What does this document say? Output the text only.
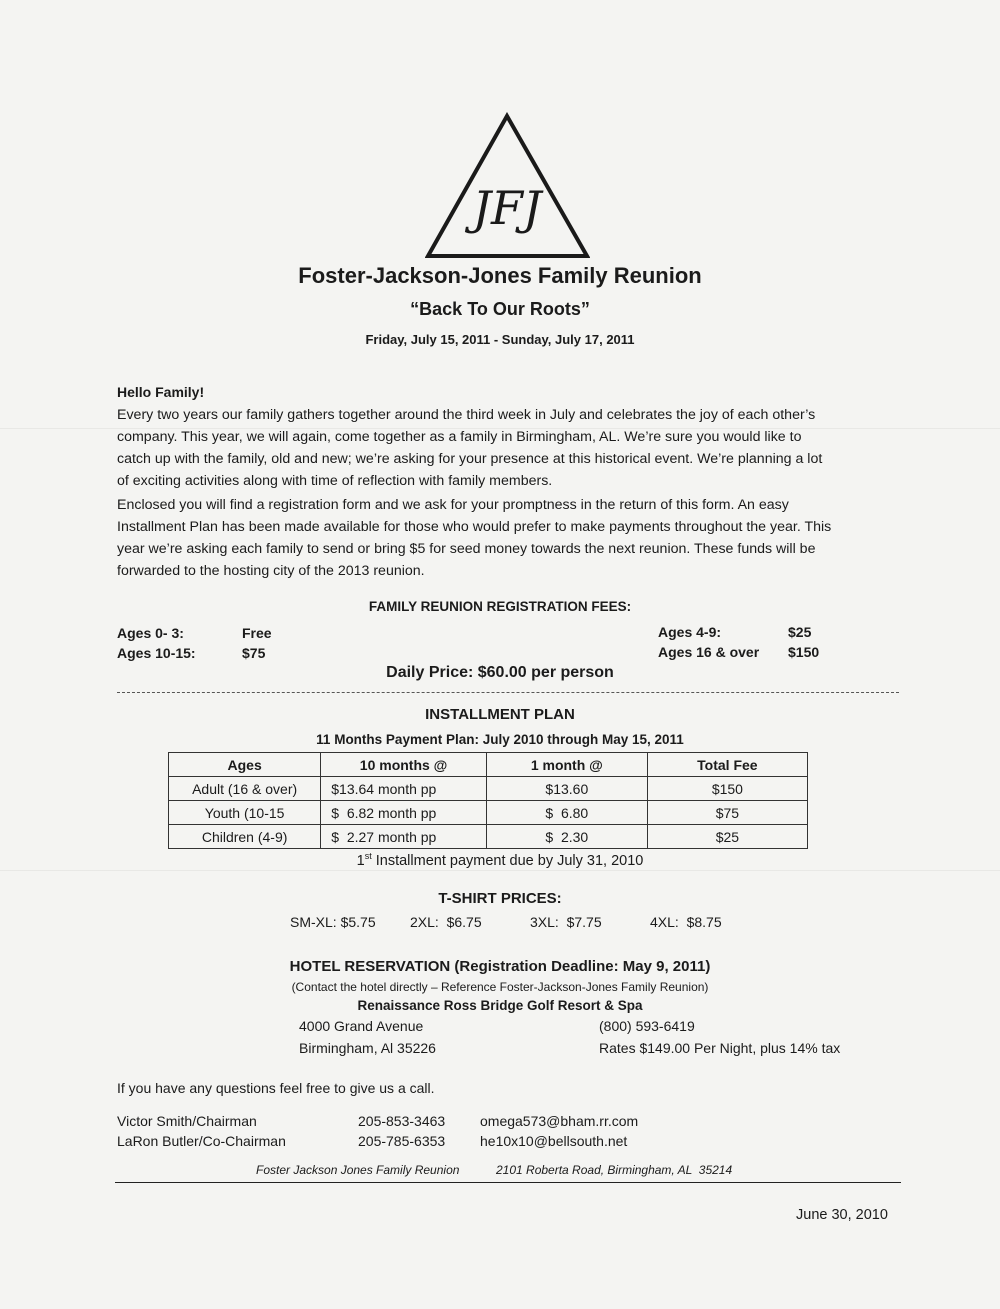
JFJ
Foster-Jackson-Jones Family Reunion
“Back To Our Roots”
Friday, July 15, 2011 - Sunday, July 17, 2011
Hello Family!
Every two years our family gathers together around the third week in July and celebrates the joy of each other’s
company. This year, we will again, come together as a family in Birmingham, AL. We’re sure you would like to
catch up with the family, old and new; we’re asking for your presence at this historical event. We’re planning a lot
of exciting activities along with time of reflection with family members.
Enclosed you will find a registration form and we ask for your promptness in the return of this form. An easy
Installment Plan has been made available for those who would prefer to make payments throughout the year. This
year we’re asking each family to send or bring $5 for seed money towards the next reunion. These funds will be
forwarded to the hosting city of the 2013 reunion.
FAMILY REUNION REGISTRATION FEES:
Ages 0- 3:	Free
Ages 10-15:	$75
Ages 4-9:	$25
Ages 16 & over $150
Daily Price: $60.00 per person
INSTALLMENT PLAN
11 Months Payment Plan: July 2010 through May 15, 2011
Ages	10 months @	1 month @	Total Fee
Adult (16 & over)	$13.64 month pp	$13.60	$150
Youth (10-15	$  6.82 month pp	$  6.80	$75
Children (4-9)	$  2.27 month pp	$  2.30	$25
1st Installment payment due by July 31, 2010
T-SHIRT PRICES:
SM-XL: $5.75 2XL:  $6.75	3XL:  $7.75	4XL:  $8.75
HOTEL RESERVATION (Registration Deadline: May 9, 2011)
(Contact the hotel directly – Reference Foster-Jackson-Jones Family Reunion)
Renaissance Ross Bridge Golf Resort & Spa
4000 Grand Avenue
Birmingham, Al 35226
(800) 593-6419
Rates $149.00 Per Night, plus 14% tax
If you have any questions feel free to give us a call.
Victor Smith/Chairman	205-853-3463 omega573@bham.rr.com
LaRon Butler/Co-Chairman	205-785-6353 he10x10@bellsouth.net
Foster Jackson Jones Family Reunion	2101 Roberta Road, Birmingham, AL  35214
June 30, 2010
